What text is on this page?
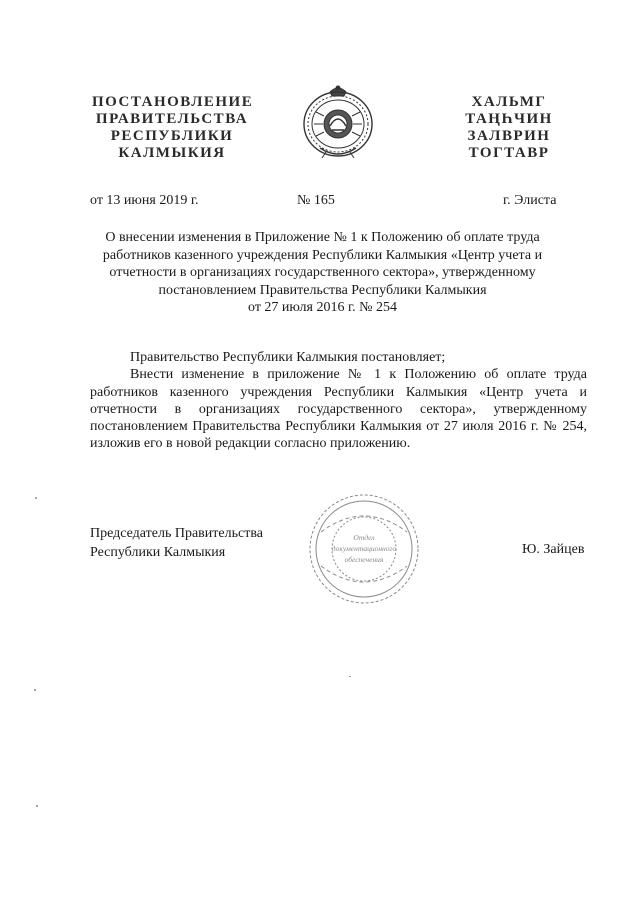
ПОСТАНОВЛЕНИЕ
ПРАВИТЕЛЬСТВА
РЕСПУБЛИКИ
КАЛМЫКИЯ
ХАЛЬМГ
ТАҢҺЧИН
ЗАЛВРИН
ТОГТАВР
от 13 июня 2019 г.	№ 165	г. Элиста
О внесении изменения в Приложение № 1 к Положению об оплате труда
работников казенного учреждения Республики Калмыкия «Центр учета и
отчетности в организациях государственного сектора», утвержденному
постановлением Правительства Республики Калмыкия
от 27 июля 2016 г. № 254

Правительство Республики Калмыкия постановляет;

Внести изменение в приложение № 1 к Положению об оплате труда работников казенного учреждения Республики Калмыкия «Центр учета и отчетности в организациях государственного сектора», утвержденному постановлением Правительства Республики Калмыкия от 27 июля 2016 г. № 254, изложив его в новой редакции согласно приложению.

Председатель Правительства
Республики Калмыкия
Отдел
документационного
обеспечения
Ю. Зайцев
